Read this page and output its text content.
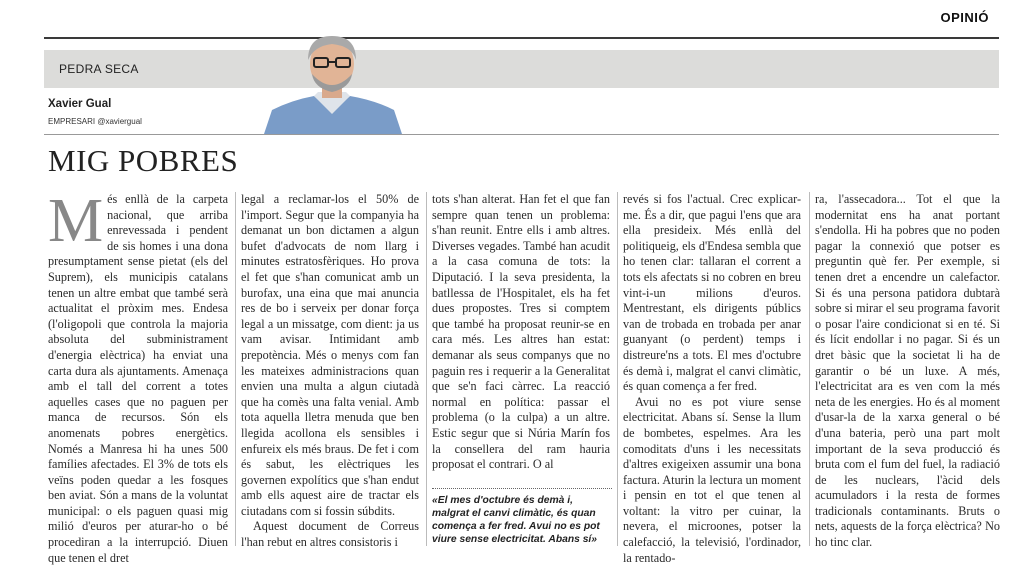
OPINIÓ
PEDRA SECA
Xavier Gual
EMPRESARI @xaviergual
MIG POBRES
M és enllà de la carpeta nacional, que arriba enrevessada i pendent de sis homes i una dona presumptament sense pietat (els del Suprem), els municipis catalans tenen un altre embat que també serà actualitat el pròxim mes. Endesa (l'oligopoli que controla la majoria absoluta del subministrament d'energia elèctrica) ha enviat una carta dura als ajuntaments. Amenaça amb el tall del corrent a totes aquelles cases que no paguen per manca de recursos. Són els anomenats pobres energètics. Només a Manresa hi ha unes 500 famílies afectades. El 3% de tots els veïns poden quedar a les fosques ben aviat. Són a mans de la voluntat municipal: o els paguen quasi mig milió d'euros per aturar-ho o bé procediran a la interrupció. Diuen que tenen el dret

legal a reclamar-los el 50% de l'import. Segur que la companyia ha demanat un bon dictamen a algun bufet d'advocats de nom llarg i minutes estratosfèriques. Ho prova el fet que s'han comunicat amb un burofax, una eina que mai anuncia res de bo i serveix per donar força legal a un missatge, com dient: ja us vam avisar. Intimidant amb prepotència. Més o menys com fan les mateixes administracions quan envien una multa a algun ciutadà que ha comès una falta venial. Amb tota aquella lletra menuda que ben llegida acollona els sensibles i enfureix els més braus. De fet i com és sabut, les elèctriques les governen expolítics que s'han endut amb ells aquest aire de tractar els ciutadans com si fossin súbdits.

Aquest document de Correus l'han rebut en altres consistoris i

tots s'han alterat. Han fet el que fan sempre quan tenen un problema: s'han reunit. Entre ells i amb altres. Diverses vegades. També han acudit a la casa comuna de tots: la Diputació. I la seva presidenta, la batllessa de l'Hospitalet, els ha fet dues propostes. Tres si comptem que també ha proposat reunir-se en cara més. Les altres han estat: demanar als seus companys que no paguin res i requerir a la Generalitat que se'n faci càrrec. La reacció normal en política: passar el problema (o la culpa) a un altre. Estic segur que si Núria Marín fos la consellera del ram hauria proposat el contrari. O al

«El mes d'octubre és demà i, malgrat el canvi climàtic, és quan comença a fer fred. Avui no es pot viure sense electricitat. Abans sí»

revés si fos l'actual. Crec explicar-me. És a dir, que pagui l'ens que ara ella presideix. Més enllà del politiqueig, els d'Endesa sembla que ho tenen clar: tallaran el corrent a tots els afectats si no cobren en breu vint-i-un milions d'euros. Mentrestant, els dirigents públics van de trobada en trobada per anar guanyant (o perdent) temps i distreure'ns a tots. El mes d'octubre és demà i, malgrat el canvi climàtic, és quan comença a fer fred.

Avui no es pot viure sense electricitat. Abans sí. Sense la llum de bombetes, espelmes. Ara les comoditats d'uns i les necessitats d'altres exigeixen assumir una bona factura. Aturin la lectura un moment i pensin en tot el que tenen al voltant: la vitro per cuinar, la nevera, el microones, potser la calefacció, la televisió, l'ordinador, la rentado-

ra, l'assecadora... Tot el que la modernitat ens ha anat portant s'endolla. Hi ha pobres que no poden pagar la connexió que potser es preguntin què fer. Per exemple, si tenen dret a encendre un calefactor. Si és una persona patidora dubtarà sobre si mirar el seu programa favorit o posar l'aire condicionat si en té. Si és lícit endollar i no pagar. Si és un dret bàsic que la societat li ha de garantir o bé un luxe. A més, l'electricitat ara es ven com la més neta de les energies. Ho és al moment d'usar-la de la xarxa general o bé d'una bateria, però una part molt important de la seva producció és bruta com el fum del fuel, la radiació de les nuclears, l'àcid dels acumuladors i la resta de formes tradicionals contaminants. Bruts o nets, aquests de la força elèctrica? No ho tinc clar.
